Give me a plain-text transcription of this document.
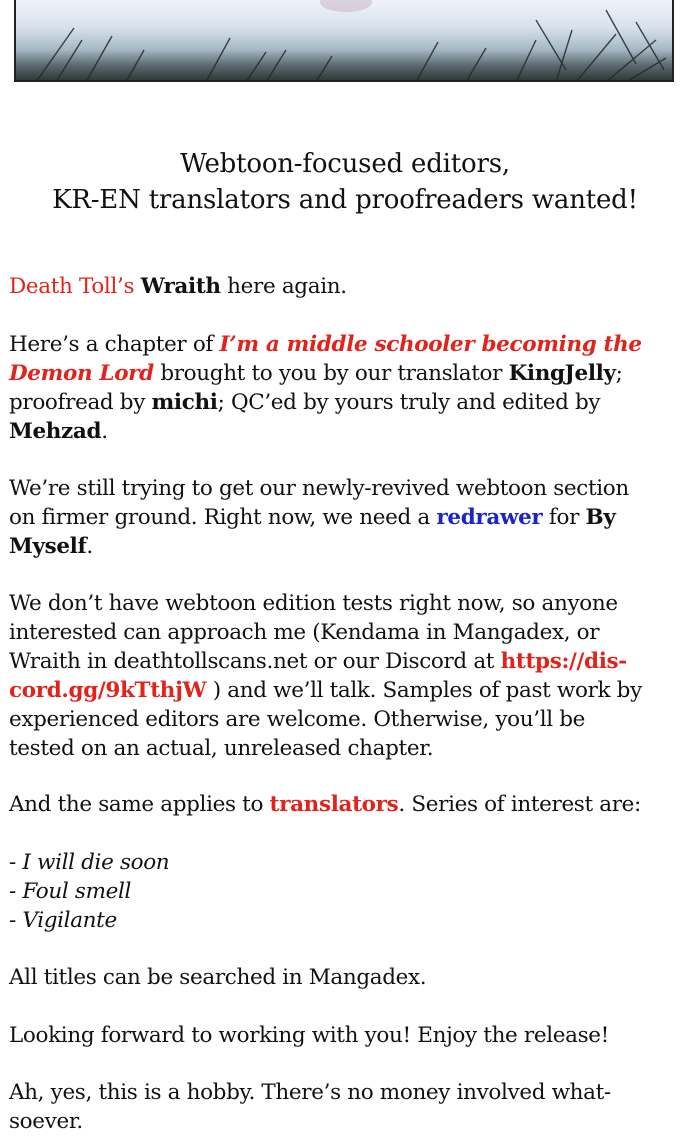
Webtoon-focused editors,
KR-EN translators and proofreaders wanted!
Death Toll’s Wraith here again.
Here’s a chapter of I’m a middle schooler becoming the
Demon Lord brought to you by our translator KingJelly;
proofread by michi; QC’ed by yours truly and edited by
Mehzad.
We’re still trying to get our newly-revived webtoon section
on firmer ground. Right now, we need a redrawer for By
Myself.
We don’t have webtoon edition tests right now, so anyone
interested can approach me (Kendama in Mangadex, or
Wraith in deathtollscans.net or our Discord at https://dis-
cord.gg/9kTthjW ) and we’ll talk. Samples of past work by
experienced editors are welcome. Otherwise, you’ll be
tested on an actual, unreleased chapter.
And the same applies to translators. Series of interest are:
- I will die soon
- Foul smell
- Vigilante
All titles can be searched in Mangadex.
Looking forward to working with you! Enjoy the release!
Ah, yes, this is a hobby. There’s no money involved what-
soever.
